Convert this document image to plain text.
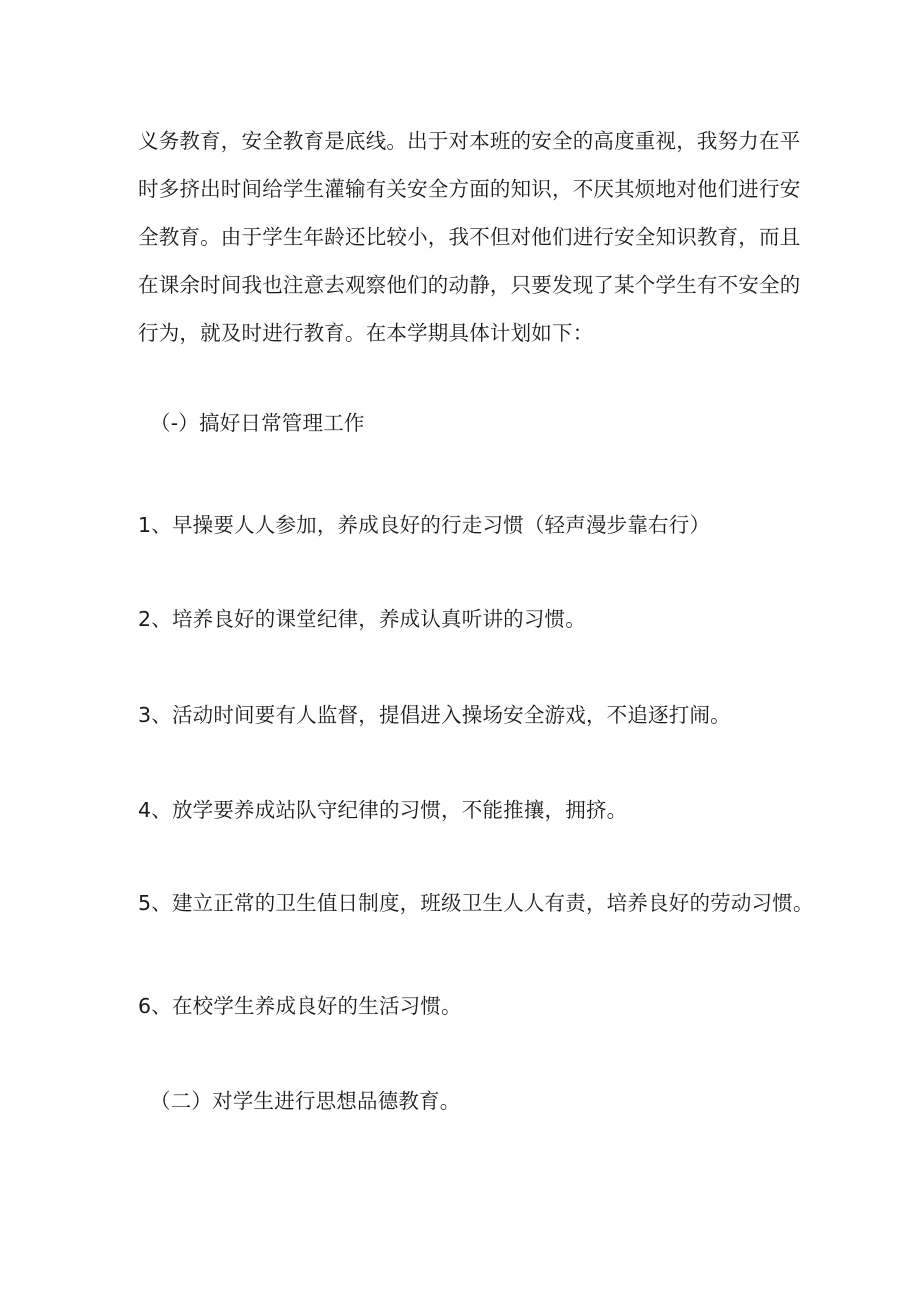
义务教育，安全教育是底线。出于对本班的安全的高度重视，我努力在平
时多挤出时间给学生灌输有关安全方面的知识，不厌其烦地对他们进行安
全教育。由于学生年龄还比较小，我不但对他们进行安全知识教育，而且
在课余时间我也注意去观察他们的动静，只要发现了某个学生有不安全的
行为，就及时进行教育。在本学期具体计划如下：
（-）搞好日常管理工作
1、早操要人人参加，养成良好的行走习惯（轻声漫步靠右行）
2、培养良好的课堂纪律，养成认真听讲的习惯。
3、活动时间要有人监督，提倡进入操场安全游戏，不追逐打闹。
4、放学要养成站队守纪律的习惯，不能推攘，拥挤。
5、建立正常的卫生值日制度，班级卫生人人有责，培养良好的劳动习惯。
6、在校学生养成良好的生活习惯。
（二）对学生进行思想品德教育。
